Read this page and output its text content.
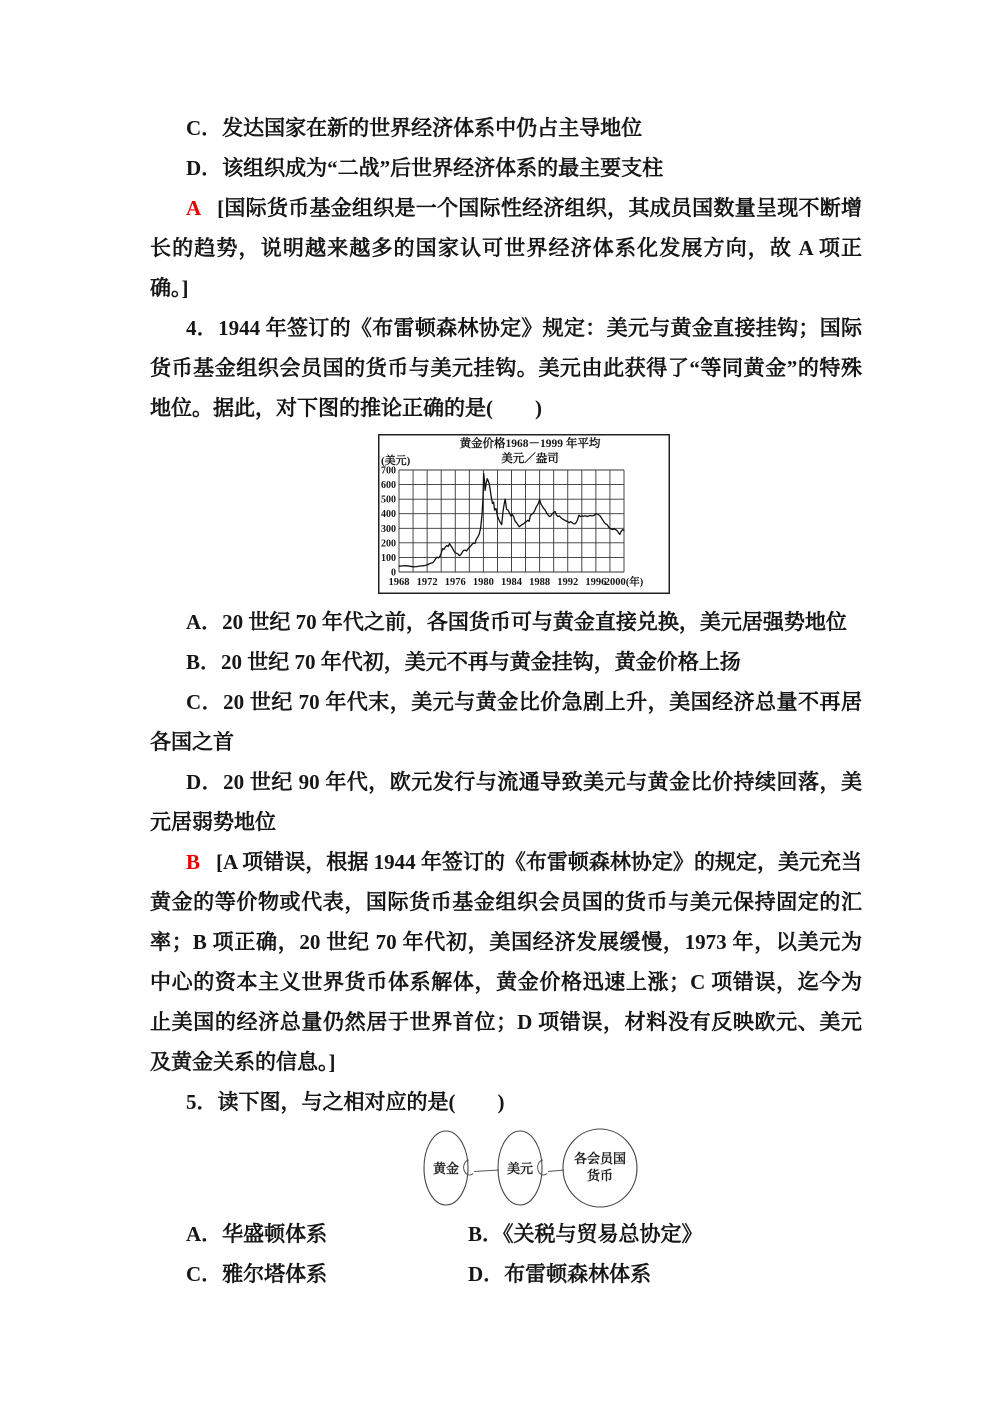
C．发达国家在新的世界经济体系中仍占主导地位

D．该组织成为“二战”后世界经济体系的最主要支柱

A [国际货币基金组织是一个国际性经济组织，其成员国数量呈现不断增长的趋势，说明越来越多的国家认可世界经济体系化发展方向，故 A 项正确。]

4．1944 年签订的《布雷顿森林协定》规定：美元与黄金直接挂钩；国际货币基金组织会员国的货币与美元挂钩。美元由此获得了“等同黄金”的特殊地位。据此，对下图的推论正确的是(　　)

0
100
200
300
400
500
600
700
1968 1972 1976 1980 1984 1988 1992 1996
2000(年)
黄金价格1968－1999 年平均
美元／盎司
(美元)

A．20 世纪 70 年代之前，各国货币可与黄金直接兑换，美元居强势地位

B．20 世纪 70 年代初，美元不再与黄金挂钩，黄金价格上扬

C．20 世纪 70 年代末，美元与黄金比价急剧上升，美国经济总量不再居各国之首

D．20 世纪 90 年代，欧元发行与流通导致美元与黄金比价持续回落，美元居弱势地位

B [A 项错误，根据 1944 年签订的《布雷顿森林协定》的规定，美元充当黄金的等价物或代表，国际货币基金组织会员国的货币与美元保持固定的汇率；B 项正确，20 世纪 70 年代初，美国经济发展缓慢，1973 年，以美元为中心的资本主义世界货币体系解体，黄金价格迅速上涨；C 项错误，迄今为止美国的经济总量仍然居于世界首位；D 项错误，材料没有反映欧元、美元及黄金关系的信息。]

5．读下图，与之相对应的是(　　)

黄金	美元
各会员国
货币
A．华盛顿体系	B．《关税与贸易总协定》
C．雅尔塔体系	D．布雷顿森林体系
